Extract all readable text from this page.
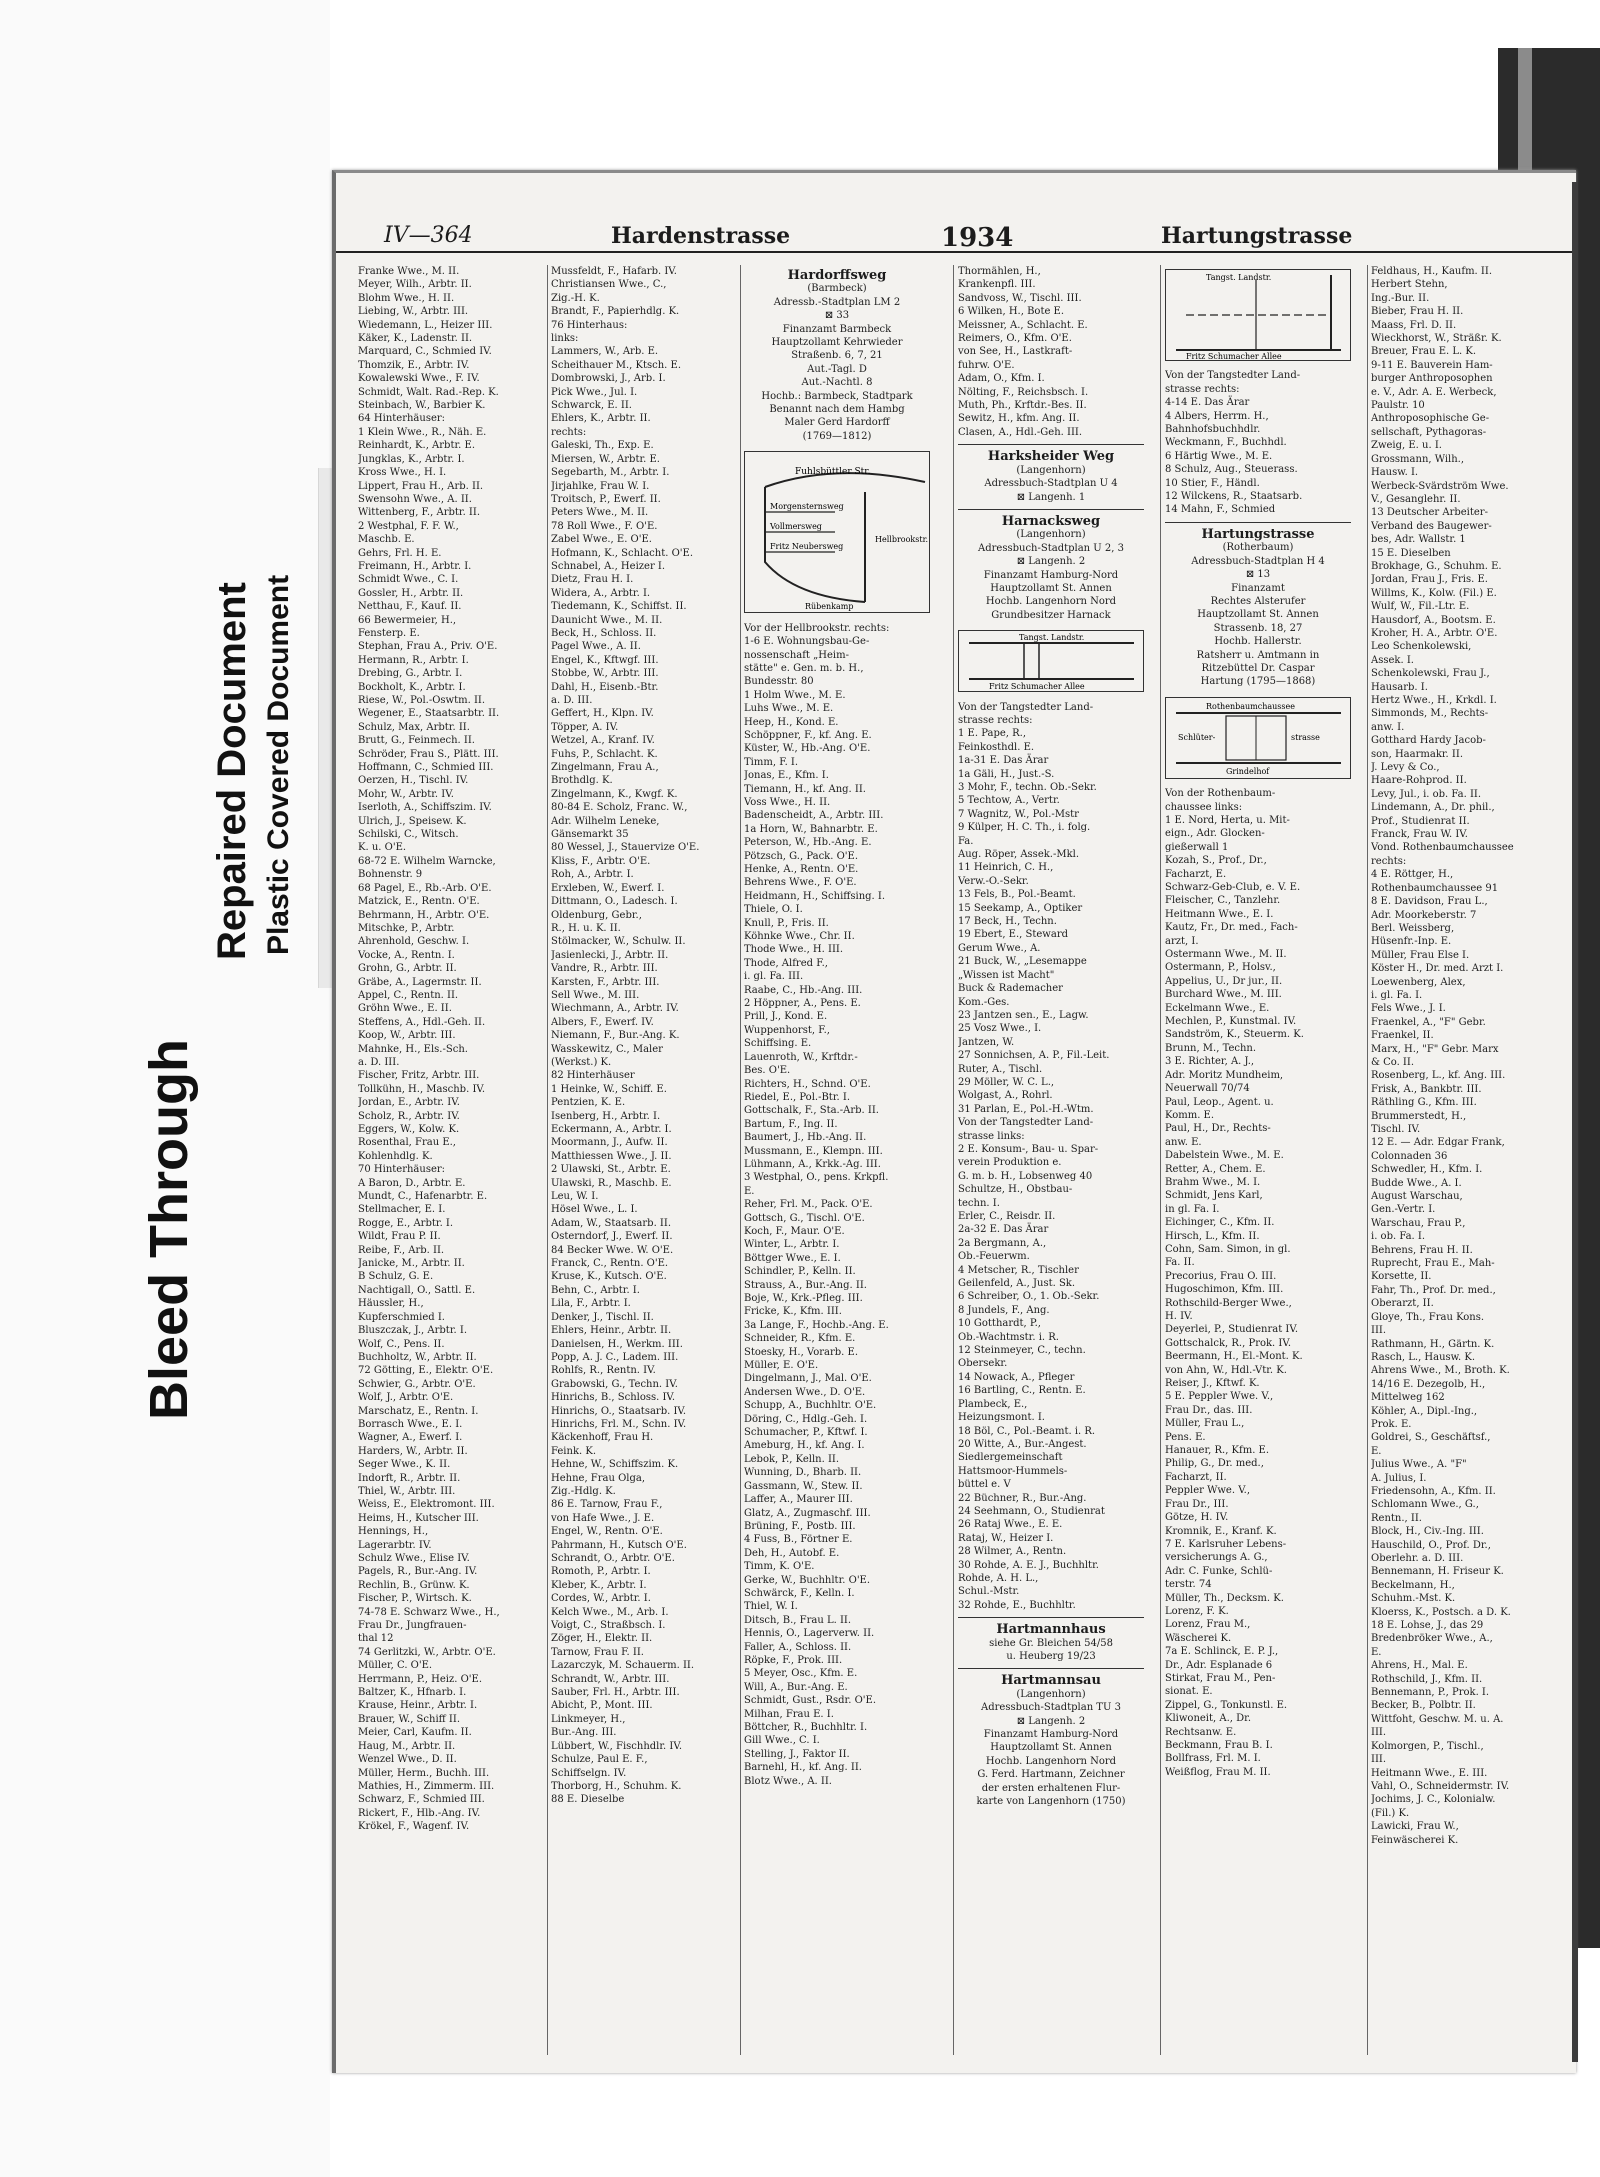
Bleed Through
Repaired Document Plastic Covered Document
IV—364	Hardenstrasse	1934	Hartungstrasse
Franke Wwe., M. II.
Meyer, Wilh., Arbtr. II.
Blohm Wwe., H. II.
Liebing, W., Arbtr. III.
Wiedemann, L., Heizer III.
Käker, K., Ladenstr. II.
Marquard, C., Schmied IV.
Thomzik, E., Arbtr. IV.
Kowalewski Wwe., F. IV.
Schmidt, Walt. Rad.-Rep. K.
Steinbach, W., Barbier K.
64 Hinterhäuser:
1 Klein Wwe., R., Näh. E.
Reinhardt, K., Arbtr. E.
Jungklas, K., Arbtr. I.
Kross Wwe., H. I.
Lippert, Frau H., Arb. II.
Swensohn Wwe., A. II.
Wittenberg, F., Arbtr. II.
2 Westphal, F. F. W.,
Maschb. E.
Gehrs, Frl. H. E.
Freimann, H., Arbtr. I.
Schmidt Wwe., C. I.
Gossler, H., Arbtr. II.
Netthau, F., Kauf. II.
66 Bewermeier, H.,
Fensterp. E.
Stephan, Frau A., Priv. O'E.
Hermann, R., Arbtr. I.
Drebing, G., Arbtr. I.
Bockholt, K., Arbtr. I.
Riese, W., Pol.-Oswtm. II.
Wegener, E., Staatsarbtr. II.
Schulz, Max, Arbtr. II.
Brutt, G., Feinmech. II.
Schröder, Frau S., Plätt. III.
Hoffmann, C., Schmied III.
Oerzen, H., Tischl. IV.
Mohr, W., Arbtr. IV.
Iserloth, A., Schiffszim. IV.
Ulrich, J., Speisew. K.
Schilski, C., Witsch.
K. u. O'E.
68-72 E. Wilhelm Warncke,
Bohnenstr. 9
68 Pagel, E., Rb.-Arb. O'E.
Matzick, E., Rentn. O'E.
Behrmann, H., Arbtr. O'E.
Mitschke, P., Arbtr.
Ahrenhold, Geschw. I.
Vocke, A., Rentn. I.
Grohn, G., Arbtr. II.
Gräbe, A., Lagermstr. II.
Appel, C., Rentn. II.
Gröhn Wwe., E. II.
Steffens, A., Hdl.-Geh. II.
Koop, W., Arbtr. III.
Mahnke, H., Els.-Sch.
a. D. III.
Fischer, Fritz, Arbtr. III.
Tollkühn, H., Maschb. IV.
Jordan, E., Arbtr. IV.
Scholz, R., Arbtr. IV.
Eggers, W., Kolw. K.
Rosenthal, Frau E.,
Kohlenhdlg. K.
70 Hinterhäuser:
A Baron, D., Arbtr. E.
Mundt, C., Hafenarbtr. E.
Stellmacher, E. I.
Rogge, E., Arbtr. I.
Wildt, Frau P. II.
Reibe, F., Arb. II.
Janicke, M., Arbtr. II.
B Schulz, G. E.
Nachtigall, O., Sattl. E.
Häussler, H.,
Kupferschmied I.
Bluszczak, J., Arbtr. I.
Wolf, C., Pens. II.
Buchholtz, W., Arbtr. II.
72 Götting, E., Elektr. O'E.
Schwier, G., Arbtr. O'E.
Wolf, J., Arbtr. O'E.
Marschatz, E., Rentn. I.
Borrasch Wwe., E. I.
Wagner, A., Ewerf. I.
Harders, W., Arbtr. II.
Seger Wwe., K. II.
Indorft, R., Arbtr. II.
Thiel, W., Arbtr. III.
Weiss, E., Elektromont. III.
Heims, H., Kutscher III.
Hennings, H.,
Lagerarbtr. IV.
Schulz Wwe., Elise IV.
Pagels, R., Bur.-Ang. IV.
Rechlin, B., Grünw. K.
Fischer, P., Wirtsch. K.
74-78 E. Schwarz Wwe., H.,
Frau Dr., Jungfrauen-
thal 12
74 Gerlitzki, W., Arbtr. O'E.
Müller, C. O'E.
Herrmann, P., Heiz. O'E.
Baltzer, K., Hfnarb. I.
Krause, Heinr., Arbtr. I.
Brauer, W., Schiff II.
Meier, Carl, Kaufm. II.
Haug, M., Arbtr. II.
Wenzel Wwe., D. II.
Müller, Herm., Buchh. III.
Mathies, H., Zimmerm. III.
Schwarz, F., Schmied III.
Rickert, F., Hlb.-Ang. IV.
Krökel, F., Wagenf. IV.
Mussfeldt, F., Hafarb. IV.
Christiansen Wwe., C.,
Zig.-H. K.
Brandt, F., Papierhdlg. K.
76 Hinterhaus:
links:
Lammers, W., Arb. E.
Scheithauer M., Ktsch. E.
Dombrowski, J., Arb. I.
Pick Wwe., Jul. I.
Schwarck, E. II.
Ehlers, K., Arbtr. II.
rechts:
Galeski, Th., Exp. E.
Miersen, W., Arbtr. E.
Segebarth, M., Arbtr. I.
Jirjahlke, Frau W. I.
Troitsch, P., Ewerf. II.
Peters Wwe., M. II.
78 Roll Wwe., F. O'E.
Zabel Wwe., E. O'E.
Hofmann, K., Schlacht. O'E.
Schnabel, A., Heizer I.
Dietz, Frau H. I.
Widera, A., Arbtr. I.
Tiedemann, K., Schiffst. II.
Daunicht Wwe., M. II.
Beck, H., Schloss. II.
Pagel Wwe., A. II.
Engel, K., Kftwgf. III.
Stobbe, W., Arbtr. III.
Dahl, H., Eisenb.-Btr.
a. D. III.
Geffert, H., Klpn. IV.
Töpper, A. IV.
Wetzel, A., Kranf. IV.
Fuhs, P., Schlacht. K.
Zingelmann, Frau A.,
Brothdlg. K.
Zingelmann, K., Kwgf. K.
80-84 E. Scholz, Franc. W.,
Adr. Wilhelm Leneke,
Gänsemarkt 35
80 Wessel, J., Stauervize O'E.
Kliss, F., Arbtr. O'E.
Roh, A., Arbtr. I.
Erxleben, W., Ewerf. I.
Dittmann, O., Ladesch. I.
Oldenburg, Gebr.,
R., H. u. K. II.
Stölmacker, W., Schulw. II.
Jasienlecki, J., Arbtr. II.
Vandre, R., Arbtr. III.
Karsten, F., Arbtr. III.
Sell Wwe., M. III.
Wiechmann, A., Arbtr. IV.
Albers, F., Ewerf. IV.
Niemann, F., Bur.-Ang. K.
Wasskewitz, C., Maler
(Werkst.) K.
82 Hinterhäuser
1 Heinke, W., Schiff. E.
Pentzien, K. E.
Isenberg, H., Arbtr. I.
Eckermann, A., Arbtr. I.
Moormann, J., Aufw. II.
Matthiessen Wwe., J. II.
2 Ulawski, St., Arbtr. E.
Ulawski, R., Maschb. E.
Leu, W. I.
Hösel Wwe., L. I.
Adam, W., Staatsarb. II.
Osterndorf, J., Ewerf. II.
84 Becker Wwe. W. O'E.
Franck, C., Rentn. O'E.
Kruse, K., Kutsch. O'E.
Behn, C., Arbtr. I.
Lila, F., Arbtr. I.
Denker, J., Tischl. II.
Ehlers, Heinr., Arbtr. II.
Danielsen, H., Werkm. III.
Popp, A. J. C., Ladem. III.
Rohlfs, R., Rentn. IV.
Grabowski, G., Techn. IV.
Hinrichs, B., Schloss. IV.
Hinrichs, O., Staatsarb. IV.
Hinrichs, Frl. M., Schn. IV.
Käckenhoff, Frau H.
Feink. K.
Hehne, W., Schiffszim. K.
Hehne, Frau Olga,
Zig.-Hdlg. K.
86 E. Tarnow, Frau F.,
von Hafe Wwe., J. E.
Engel, W., Rentn. O'E.
Pahrmann, H., Kutsch O'E.
Schrandt, O., Arbtr. O'E.
Romoth, P., Arbtr. I.
Kleber, K., Arbtr. I.
Cordes, W., Arbtr. I.
Kelch Wwe., M., Arb. I.
Voigt, C., Straßbsch. I.
Zöger, H., Elektr. II.
Tarnow, Frau F. II.
Lazarczyk, M. Schauerm. II.
Schrandt, W., Arbtr. III.
Sauber, Frl. H., Arbtr. III.
Abicht, P., Mont. III.
Linkmeyer, H.,
Bur.-Ang. III.
Lübbert, W., Fischhdlr. IV.
Schulze, Paul E. F.,
Schiffselgn. IV.
Thorborg, H., Schuhm. K.
88 E. Dieselbe
Hardorffsweg
(Barmbeck)
Adressb.-Stadtplan LM 2
⊠ 33
Finanzamt Barmbeck
Hauptzollamt Kehrwieder
Straßenb. 6, 7, 21
Aut.-Tagl. D
Aut.-Nachtl. 8
Hochb.: Barmbeck, Stadtpark
Benannt nach dem Hambg
Maler Gerd Hardorff
(1769—1812)
Fuhlsbüttler Str.
Morgensternsweg
Vollmersweg
Fritz Neubersweg
Hellbrookstr.
Rübenkamp
Vor der Hellbrookstr. rechts:
1-6 E. Wohnungsbau-Ge-
nossenschaft „Heim-
stätte" e. Gen. m. b. H.,
Bundesstr. 80
1 Holm Wwe., M. E.
Luhs Wwe., M. E.
Heep, H., Kond. E.
Schöppner, F., kf. Ang. E.
Küster, W., Hb.-Ang. O'E.
Timm, F. I.
Jonas, E., Kfm. I.
Tiemann, H., kf. Ang. II.
Voss Wwe., H. II.
Badenscheidt, A., Arbtr. III.
1a Horn, W., Bahnarbtr. E.
Peterson, W., Hb.-Ang. E.
Pötzsch, G., Pack. O'E.
Henke, A., Rentn. O'E.
Behrens Wwe., F. O'E.
Heidmann, H., Schiffsing. I.
Thiele, O. I.
Knull, P., Fris. II.
Köhnke Wwe., Chr. II.
Thode Wwe., H. III.
Thode, Alfred F.,
i. gl. Fa. III.
Raabe, C., Hb.-Ang. III.
2 Höppner, A., Pens. E.
Prill, J., Kond. E.
Wuppenhorst, F.,
Schiffsing. E.
Lauenroth, W., Krftdr.-
Bes. O'E.
Richters, H., Schnd. O'E.
Riedel, E., Pol.-Btr. I.
Gottschalk, F., Sta.-Arb. II.
Bartum, F., Ing. II.
Baumert, J., Hb.-Ang. II.
Mussmann, E., Klempn. III.
Lühmann, A., Krkk.-Ag. III.
3 Westphal, O., pens. Krkpfl.
E.
Reher, Frl. M., Pack. O'E.
Gottsch, G., Tischl. O'E.
Koch, F., Maur. O'E.
Winter, L., Arbtr. I.
Böttger Wwe., E. I.
Schindler, P., Kelln. II.
Strauss, A., Bur.-Ang. II.
Boje, W., Krk.-Pfleg. III.
Fricke, K., Kfm. III.
3a Lange, F., Hochb.-Ang. E.
Schneider, R., Kfm. E.
Stoesky, H., Vorarb. E.
Müller, E. O'E.
Dingelmann, J., Mal. O'E.
Andersen Wwe., D. O'E.
Schupp, A., Buchhltr. O'E.
Döring, C., Hdlg.-Geh. I.
Schumacher, P., Kftwf. I.
Ameburg, H., kf. Ang. I.
Lebok, P., Kelln. II.
Wunning, D., Bharb. II.
Gassmann, W., Stew. II.
Laffer, A., Maurer III.
Glatz, A., Zugmaschf. III.
Brüning, F., Postb. III.
4 Fuss, B., Förtner E.
Deh, H., Autobf. E.
Timm, K. O'E.
Gerke, W., Buchhltr. O'E.
Schwärck, F., Kelln. I.
Thiel, W. I.
Ditsch, B., Frau L. II.
Hennis, O., Lagerverw. II.
Faller, A., Schloss. II.
Röpke, F., Prok. III.
5 Meyer, Osc., Kfm. E.
Will, A., Bur.-Ang. E.
Schmidt, Gust., Rsdr. O'E.
Milhan, Frau E. I.
Böttcher, R., Buchhltr. I.
Gill Wwe., C. I.
Stelling, J., Faktor II.
Barnehl, H., kf. Ang. II.
Blotz Wwe., A. II.
Thormählen, H.,
Krankenpfl. III.
Sandvoss, W., Tischl. III.
6 Wilken, H., Bote E.
Meissner, A., Schlacht. E.
Reimers, O., Kfm. O'E.
von See, H., Lastkraft-
fuhrw. O'E.
Adam, O., Kfm. I.
Nölting, F., Reichsbsch. I.
Muth, Ph., Krftdr.-Bes. II.
Sewitz, H., kfm. Ang. II.
Clasen, A., Hdl.-Geh. III.
Harksheider Weg
(Langenhorn)
Adressbuch-Stadtplan U 4
⊠ Langenh. 1
Harnacksweg
(Langenhorn)
Adressbuch-Stadtplan U 2, 3
⊠ Langenh. 2
Finanzamt Hamburg-Nord
Hauptzollamt St. Annen
Hochb. Langenhorn Nord
Grundbesitzer Harnack
Tangst. Landstr.
Fritz Schumacher Allee
Von der Tangstedter Land-
strasse rechts:
1 E. Pape, R.,
Feinkosthdl. E.
1a-31 E. Das Ärar
1a Gäli, H., Just.-S.
3 Mohr, F., techn. Ob.-Sekr.
5 Techtow, A., Vertr.
7 Wagnitz, W., Pol.-Mstr
9 Külper, H. C. Th., i. folg.
Fa.
Aug. Röper, Assek.-Mkl.
11 Heinrich, C. H.,
Verw.-O.-Sekr.
13 Fels, B., Pol.-Beamt.
15 Seekamp, A., Optiker
17 Beck, H., Techn.
19 Ebert, E., Steward
Gerum Wwe., A.
21 Buck, W., „Lesemappe
„Wissen ist Macht"
Buck & Rademacher
Kom.-Ges.
23 Jantzen sen., E., Lagw.
25 Vosz Wwe., I.
Jantzen, W.
27 Sonnichsen, A. P., Fil.-Leit.
Ruter, A., Tischl.
29 Möller, W. C. L.,
Wolgast, A., Rohrl.
31 Parlan, E., Pol.-H.-Wtm.
Von der Tangstedter Land-
strasse links:
2 E. Konsum-, Bau- u. Spar-
verein Produktion e.
G. m. b. H., Lobsenweg 40
Schultze, H., Obstbau-
techn. I.
Erler, C., Reisdr. II.
2a-32 E. Das Ärar
2a Bergmann, A.,
Ob.-Feuerwm.
4 Metscher, R., Tischler
Geilenfeld, A., Just. Sk.
6 Schreiber, O., 1. Ob.-Sekr.
8 Jundels, F., Ang.
10 Gotthardt, P.,
Ob.-Wachtmstr. i. R.
12 Steinmeyer, C., techn.
Obersekr.
14 Nowack, A., Pfleger
16 Bartling, C., Rentn. E.
Plambeck, E.,
Heizungsmont. I.
18 Böl, C., Pol.-Beamt. i. R.
20 Witte, A., Bur.-Angest.
Siedlergemeinschaft
Hattsmoor-Hummels-
büttel e. V
22 Büchner, R., Bur.-Ang.
24 Seehmann, O., Studienrat
26 Rataj Wwe., E. E.
Rataj, W., Heizer I.
28 Wilmer, A., Rentn.
30 Rohde, A. E. J., Buchhltr.
Rohde, A. H. L.,
Schul.-Mstr.
32 Rohde, E., Buchhltr.
Hartmannhaus
siehe Gr. Bleichen 54/58
u. Heuberg 19/23
Hartmannsau
(Langenhorn)
Adressbuch-Stadtplan TU 3
⊠ Langenh. 2
Finanzamt Hamburg-Nord
Hauptzollamt St. Annen
Hochb. Langenhorn Nord
G. Ferd. Hartmann, Zeichner
der ersten erhaltenen Flur-
karte von Langenhorn (1750)
Tangst. Landstr.
Fritz Schumacher Allee
Von der Tangstedter Land-
strasse rechts:
4-14 E. Das Ärar
4 Albers, Herrm. H.,
Bahnhofsbuchhdlr.
Weckmann, F., Buchhdl.
6 Härtig Wwe., M. E.
8 Schulz, Aug., Steuerass.
10 Stier, F., Händl.
12 Wilckens, R., Staatsarb.
14 Mahn, F., Schmied
Hartungstrasse
(Rotherbaum)
Adressbuch-Stadtplan H 4
⊠ 13
Finanzamt
Rechtes Alsterufer
Hauptzollamt St. Annen
Strassenb. 18, 27
Hochb. Hallerstr.
Ratsherr u. Amtmann in
Ritzebüttel Dr. Caspar
Hartung (1795—1868)
Rothenbaumchaussee
Schlüter-	strasse
Grindelhof
Von der Rothenbaum-
chaussee links:
1 E. Nord, Herta, u. Mit-
eign., Adr. Glocken-
gießerwall 1
Kozah, S., Prof., Dr.,
Facharzt, E.
Schwarz-Geb-Club, e. V. E.
Fleischer, C., Tanzlehr.
Heitmann Wwe., E. I.
Kautz, Fr., Dr. med., Fach-
arzt, I.
Ostermann Wwe., M. II.
Ostermann, P., Holsv.,
Appelius, U., Dr jur., II.
Burchard Wwe., M. III.
Eckelmann Wwe., E.
Mechlen, P., Kunstmal. IV.
Sandström, K., Steuerm. K.
Brunn, M., Techn.
3 E. Richter, A. J.,
Adr. Moritz Mundheim,
Neuerwall 70/74
Paul, Leop., Agent. u.
Komm. E.
Paul, H., Dr., Rechts-
anw. E.
Dabelstein Wwe., M. E.
Retter, A., Chem. E.
Brahm Wwe., M. I.
Schmidt, Jens Karl,
in gl. Fa. I.
Eichinger, C., Kfm. II.
Hirsch, L., Kfm. II.
Cohn, Sam. Simon, in gl.
Fa. II.
Precorius, Frau O. III.
Hugoschimon, Kfm. III.
Rothschild-Berger Wwe.,
H. IV.
Deyerlei, P., Studienrat IV.
Gottschalck, R., Prok. IV.
Beermann, H., El.-Mont. K.
von Ahn, W., Hdl.-Vtr. K.
Reiser, J., Kftwf. K.
5 E. Peppler Wwe. V.,
Frau Dr., das. III.
Müller, Frau L.,
Pens. E.
Hanauer, R., Kfm. E.
Philip, G., Dr. med.,
Facharzt, II.
Peppler Wwe. V.,
Frau Dr., III.
Götze, H. IV.
Kromnik, E., Kranf. K.
7 E. Karlsruher Lebens-
versicherungs A. G.,
Adr. C. Funke, Schlü-
terstr. 74
Müller, Th., Decksm. K.
Lorenz, F. K.
Lorenz, Frau M.,
Wäscherei K.
7a E. Schlinck, E. P. J.,
Dr., Adr. Esplanade 6
Stirkat, Frau M., Pen-
sionat. E.
Zippel, G., Tonkunstl. E.
Kliwoneit, A., Dr.
Rechtsanw. E.
Beckmann, Frau B. I.
Bollfrass, Frl. M. I.
Weißflog, Frau M. II.
Feldhaus, H., Kaufm. II.
Herbert Stehn,
Ing.-Bur. II.
Bieber, Frau H. II.
Maass, Frl. D. II.
Wieckhorst, W., Sträßr. K.
Breuer, Frau E. L. K.
9-11 E. Bauverein Ham-
burger Anthroposophen
e. V., Adr. A. E. Werbeck,
Paulstr. 10
Anthroposophische Ge-
sellschaft, Pythagoras-
Zweig, E. u. I.
Grossmann, Wilh.,
Hausw. I.
Werbeck-Svärdström Wwe.
V., Gesanglehr. II.
13 Deutscher Arbeiter-
Verband des Baugewer-
bes, Adr. Wallstr. 1
15 E. Dieselben
Brokhage, G., Schuhm. E.
Jordan, Frau J., Fris. E.
Willms, K., Kolw. (Fil.) E.
Wulf, W., Fil.-Ltr. E.
Hausdorf, A., Bootsm. E.
Kroher, H. A., Arbtr. O'E.
Leo Schenkolewski,
Assek. I.
Schenkolewski, Frau J.,
Hausarb. I.
Hertz Wwe., H., Krkdl. I.
Simmonds, M., Rechts-
anw. I.
Gotthard Hardy Jacob-
son, Haarmakr. II.
J. Levy & Co.,
Haare-Rohprod. II.
Levy, Jul., i. ob. Fa. II.
Lindemann, A., Dr. phil.,
Prof., Studienrat II.
Franck, Frau W. IV.
Vond. Rothenbaumchaussee
rechts:
4 E. Röttger, H.,
Rothenbaumchaussee 91
8 E. Davidson, Frau L.,
Adr. Moorkeberstr. 7
Berl. Weissberg,
Hüsenfr.-Inp. E.
Müller, Frau Else I.
Köster H., Dr. med. Arzt I.
Loewenberg, Alex,
i. gl. Fa. I.
Fels Wwe., J. I.
Fraenkel, A., "F" Gebr.
Fraenkel, II.
Marx, H., "F" Gebr. Marx
& Co. II.
Rosenberg, L., kf. Ang. III.
Frisk, A., Bankbtr. III.
Räthling G., Kfm. III.
Brummerstedt, H.,
Tischl. IV.
12 E. — Adr. Edgar Frank,
Colonnaden 36
Schwedler, H., Kfm. I.
Budde Wwe., A. I.
August Warschau,
Gen.-Vertr. I.
Warschau, Frau P.,
i. ob. Fa. I.
Behrens, Frau H. II.
Ruprecht, Frau E., Mah-
Korsette, II.
Fahr, Th., Prof. Dr. med.,
Oberarzt, II.
Gloye, Th., Frau Kons.
III.
Rathmann, H., Gärtn. K.
Rasch, L., Hausw. K.
Ahrens Wwe., M., Broth. K.
14/16 E. Dezegolb, H.,
Mittelweg 162
Köhler, A., Dipl.-Ing.,
Prok. E.
Goldrei, S., Geschäftsf.,
E.
Julius Wwe., A. "F"
A. Julius, I.
Friedensohn, A., Kfm. II.
Schlomann Wwe., G.,
Rentn., II.
Block, H., Civ.-Ing. III.
Hauschild, O., Prof. Dr.,
Oberlehr. a. D. III.
Bennemann, H. Friseur K.
Beckelmann, H.,
Schuhm.-Mst. K.
Kloerss, K., Postsch. a D. K.
18 E. Lohse, J., das 29
Bredenbröker Wwe., A.,
E.
Ahrens, H., Mal. E.
Rothschild, J., Kfm. II.
Bennemann, P., Prok. I.
Becker, B., Polbtr. II.
Wittfoht, Geschw. M. u. A.
III.
Kolmorgen, P., Tischl.,
III.
Heitmann Wwe., E. III.
Vahl, O., Schneidermstr. IV.
Jochims, J. C., Kolonialw.
(Fil.) K.
Lawicki, Frau W.,
Feinwäscherei K.
